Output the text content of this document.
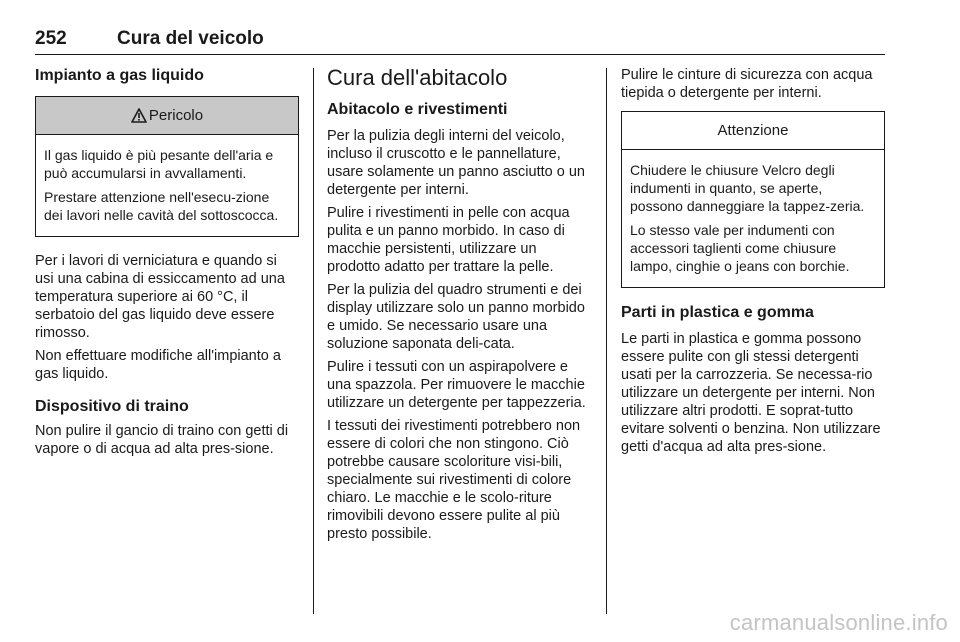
252	Cura del veicolo
Impianto a gas liquido
Pericolo

Il gas liquido è più pesante dell'aria e può accumularsi in avvallamenti.

Prestare attenzione nell'esecu-zione dei lavori nelle cavità del sottoscocca.

Per i lavori di verniciatura e quando si usi una cabina di essiccamento ad una temperatura superiore ai 60 °C, il serbatoio del gas liquido deve essere rimosso.

Non effettuare modifiche all'impianto a gas liquido.

Dispositivo di traino

Non pulire il gancio di traino con getti di vapore o di acqua ad alta pres-sione.

Cura dell'abitacolo
Abitacolo e rivestimenti

Per la pulizia degli interni del veicolo, incluso il cruscotto e le pannellature, usare solamente un panno asciutto o un detergente per interni.

Pulire i rivestimenti in pelle con acqua pulita e un panno morbido. In caso di macchie persistenti, utilizzare un prodotto adatto per trattare la pelle.

Per la pulizia del quadro strumenti e dei display utilizzare solo un panno morbido e umido. Se necessario usare una soluzione saponata deli-cata.

Pulire i tessuti con un aspirapolvere e una spazzola. Per rimuovere le macchie utilizzare un detergente per tappezzeria.

I tessuti dei rivestimenti potrebbero non essere di colori che non stingono. Ciò potrebbe causare scoloriture visi-bili, specialmente sui rivestimenti di colore chiaro. Le macchie e le scolo-riture rimovibili devono essere pulite al più presto possibile.

Pulire le cinture di sicurezza con acqua tiepida o detergente per interni.

Attenzione

Chiudere le chiusure Velcro degli indumenti in quanto, se aperte, possono danneggiare la tappez-zeria.

Lo stesso vale per indumenti con accessori taglienti come chiusure lampo, cinghie o jeans con borchie.

Parti in plastica e gomma

Le parti in plastica e gomma possono essere pulite con gli stessi detergenti usati per la carrozzeria. Se necessa-rio utilizzare un detergente per interni. Non utilizzare altri prodotti. E soprat-tutto evitare solventi o benzina. Non utilizzare getti d'acqua ad alta pres-sione.

carmanualsonline.info
